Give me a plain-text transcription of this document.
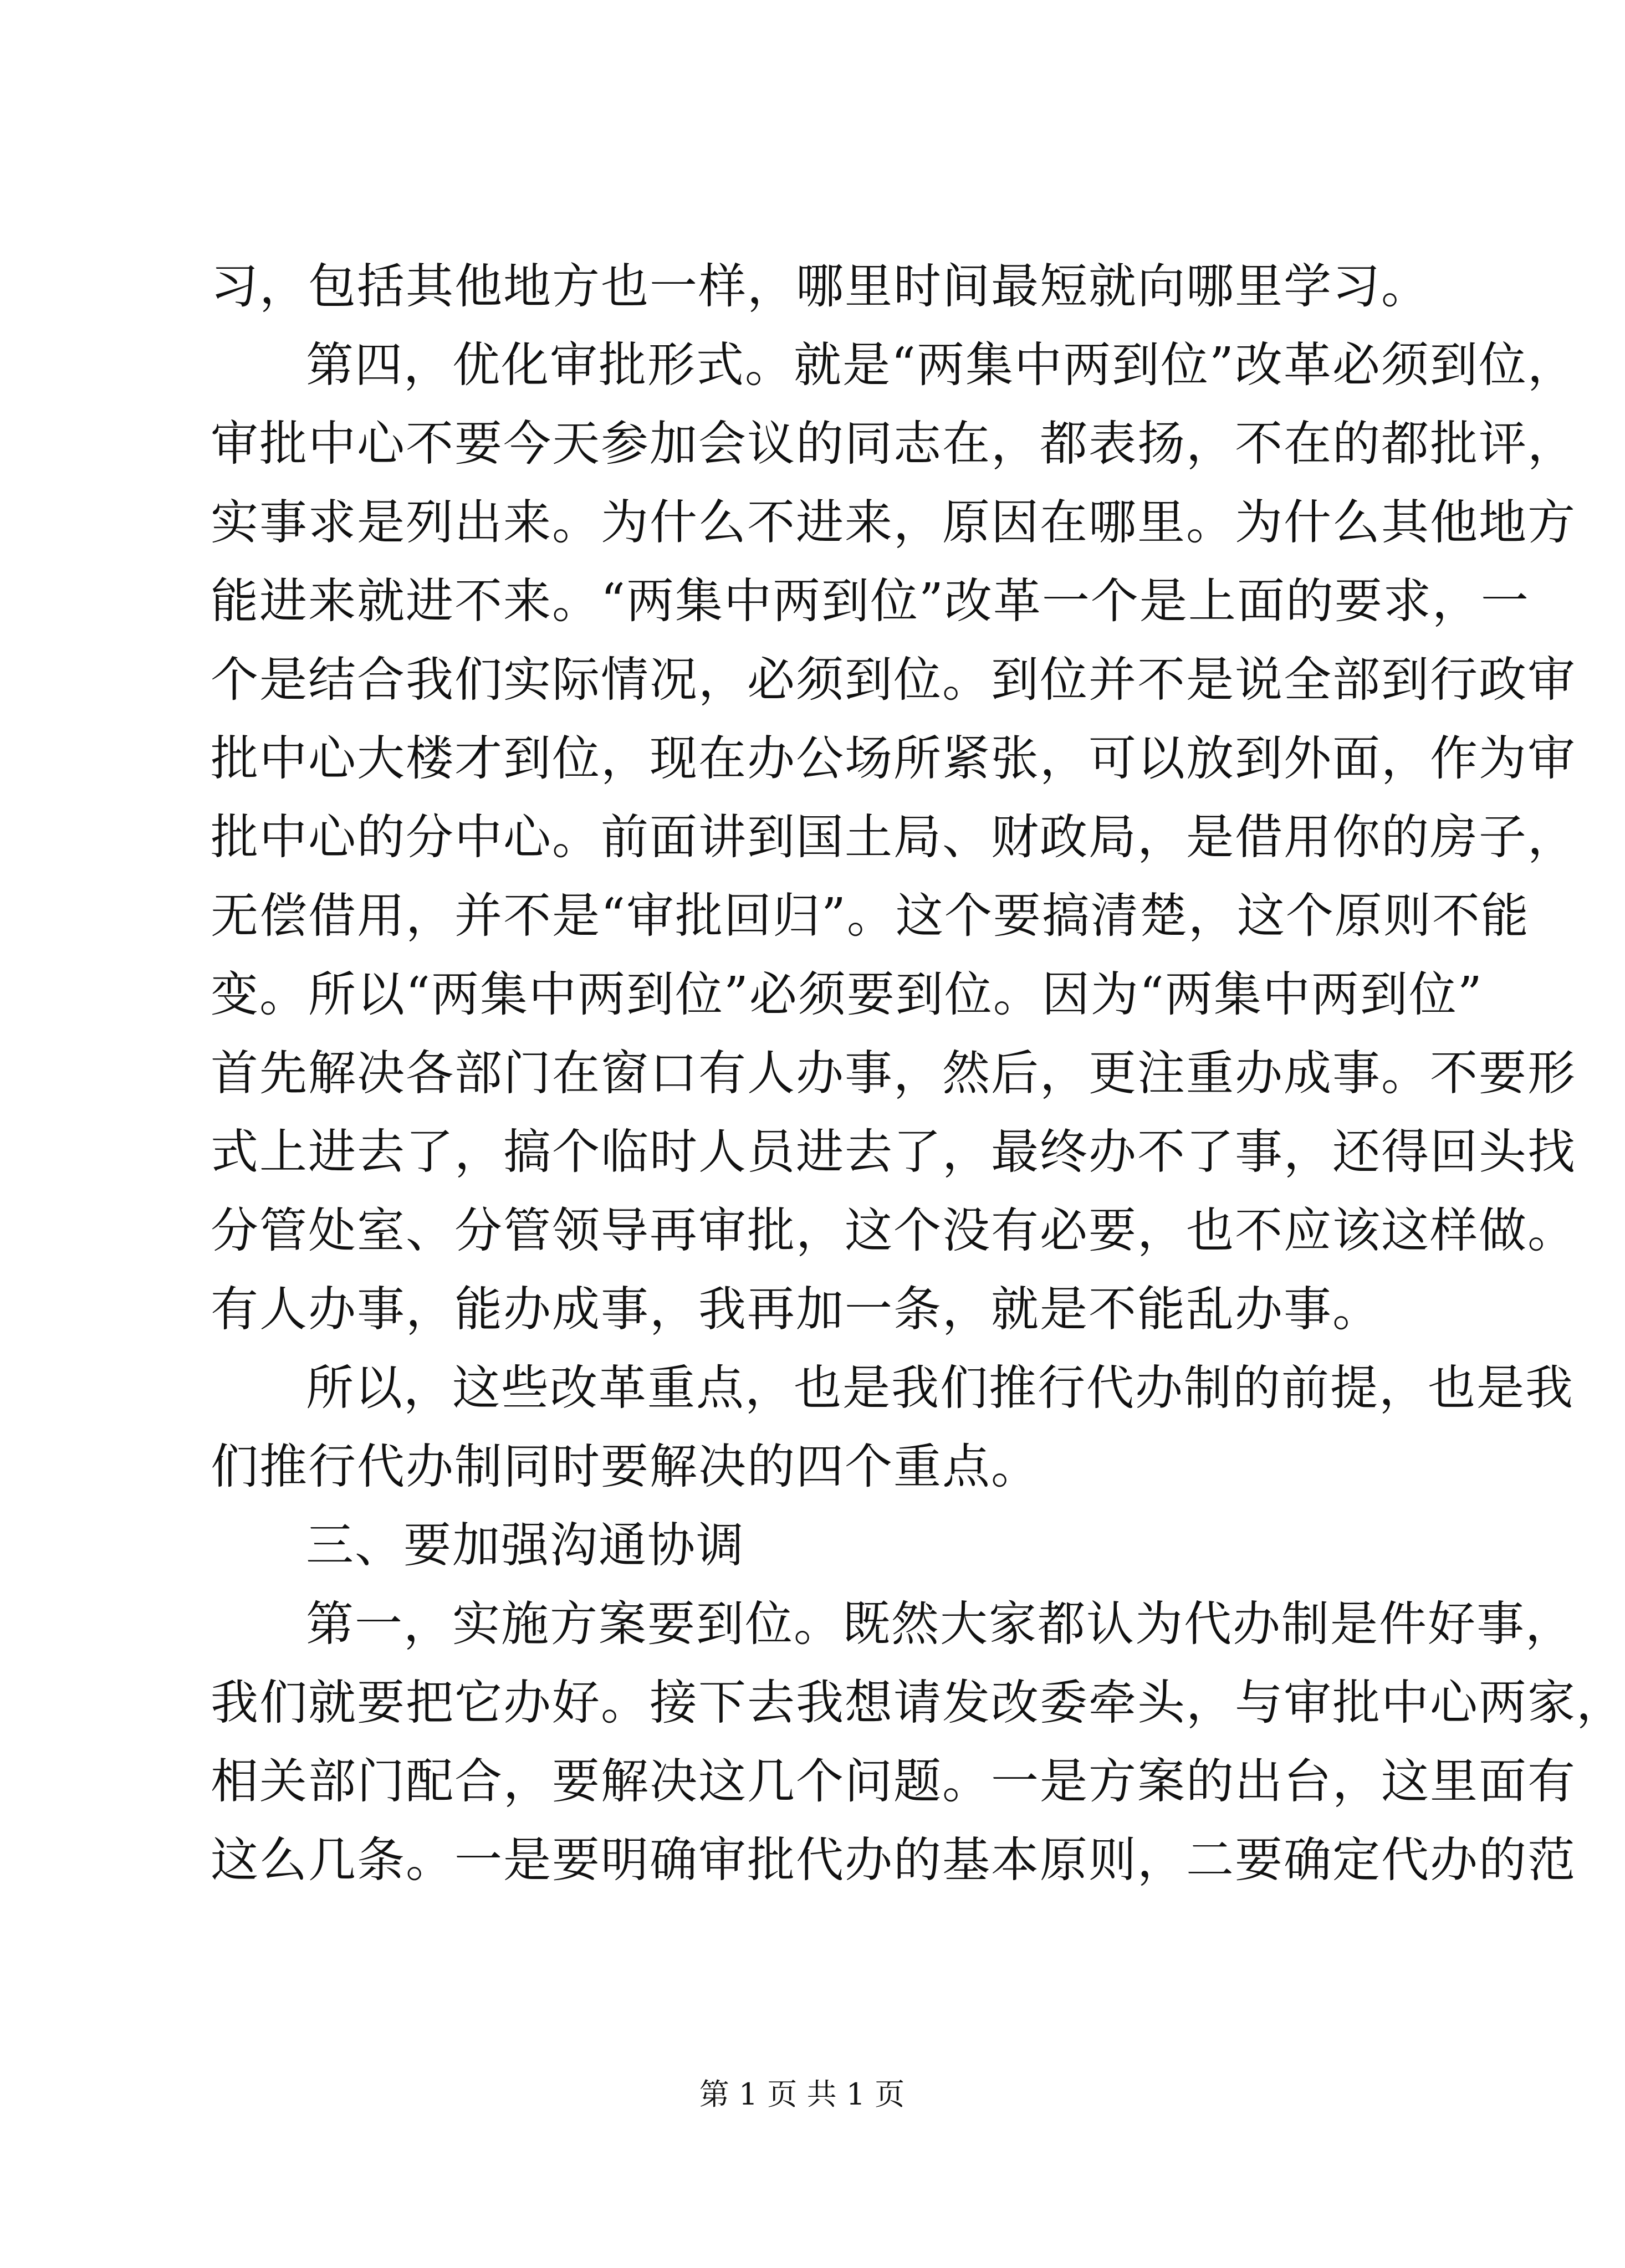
习，包括其他地方也一样，哪里时间最短就向哪里学习。
第四，优化审批形式。就是“两集中两到位”改革必须到位，
审批中心不要今天参加会议的同志在，都表扬，不在的都批评，
实事求是列出来。为什么不进来，原因在哪里。为什么其他地方
能进来就进不来。“两集中两到位”改革一个是上面的要求，一
个是结合我们实际情况，必须到位。到位并不是说全部到行政审
批中心大楼才到位，现在办公场所紧张，可以放到外面，作为审
批中心的分中心。前面讲到国土局、财政局，是借用你的房子，
无偿借用，并不是“审批回归”。这个要搞清楚，这个原则不能
变。所以“两集中两到位”必须要到位。因为“两集中两到位”
首先解决各部门在窗口有人办事，然后，更注重办成事。不要形
式上进去了，搞个临时人员进去了，最终办不了事，还得回头找
分管处室、分管领导再审批，这个没有必要，也不应该这样做。
有人办事，能办成事，我再加一条，就是不能乱办事。
所以，这些改革重点，也是我们推行代办制的前提，也是我
们推行代办制同时要解决的四个重点。
三、要加强沟通协调
第一，实施方案要到位。既然大家都认为代办制是件好事，
我们就要把它办好。接下去我想请发改委牵头，与审批中心两家，
相关部门配合，要解决这几个问题。一是方案的出台，这里面有
这么几条。一是要明确审批代办的基本原则，二要确定代办的范
第 1 页 共 1 页
